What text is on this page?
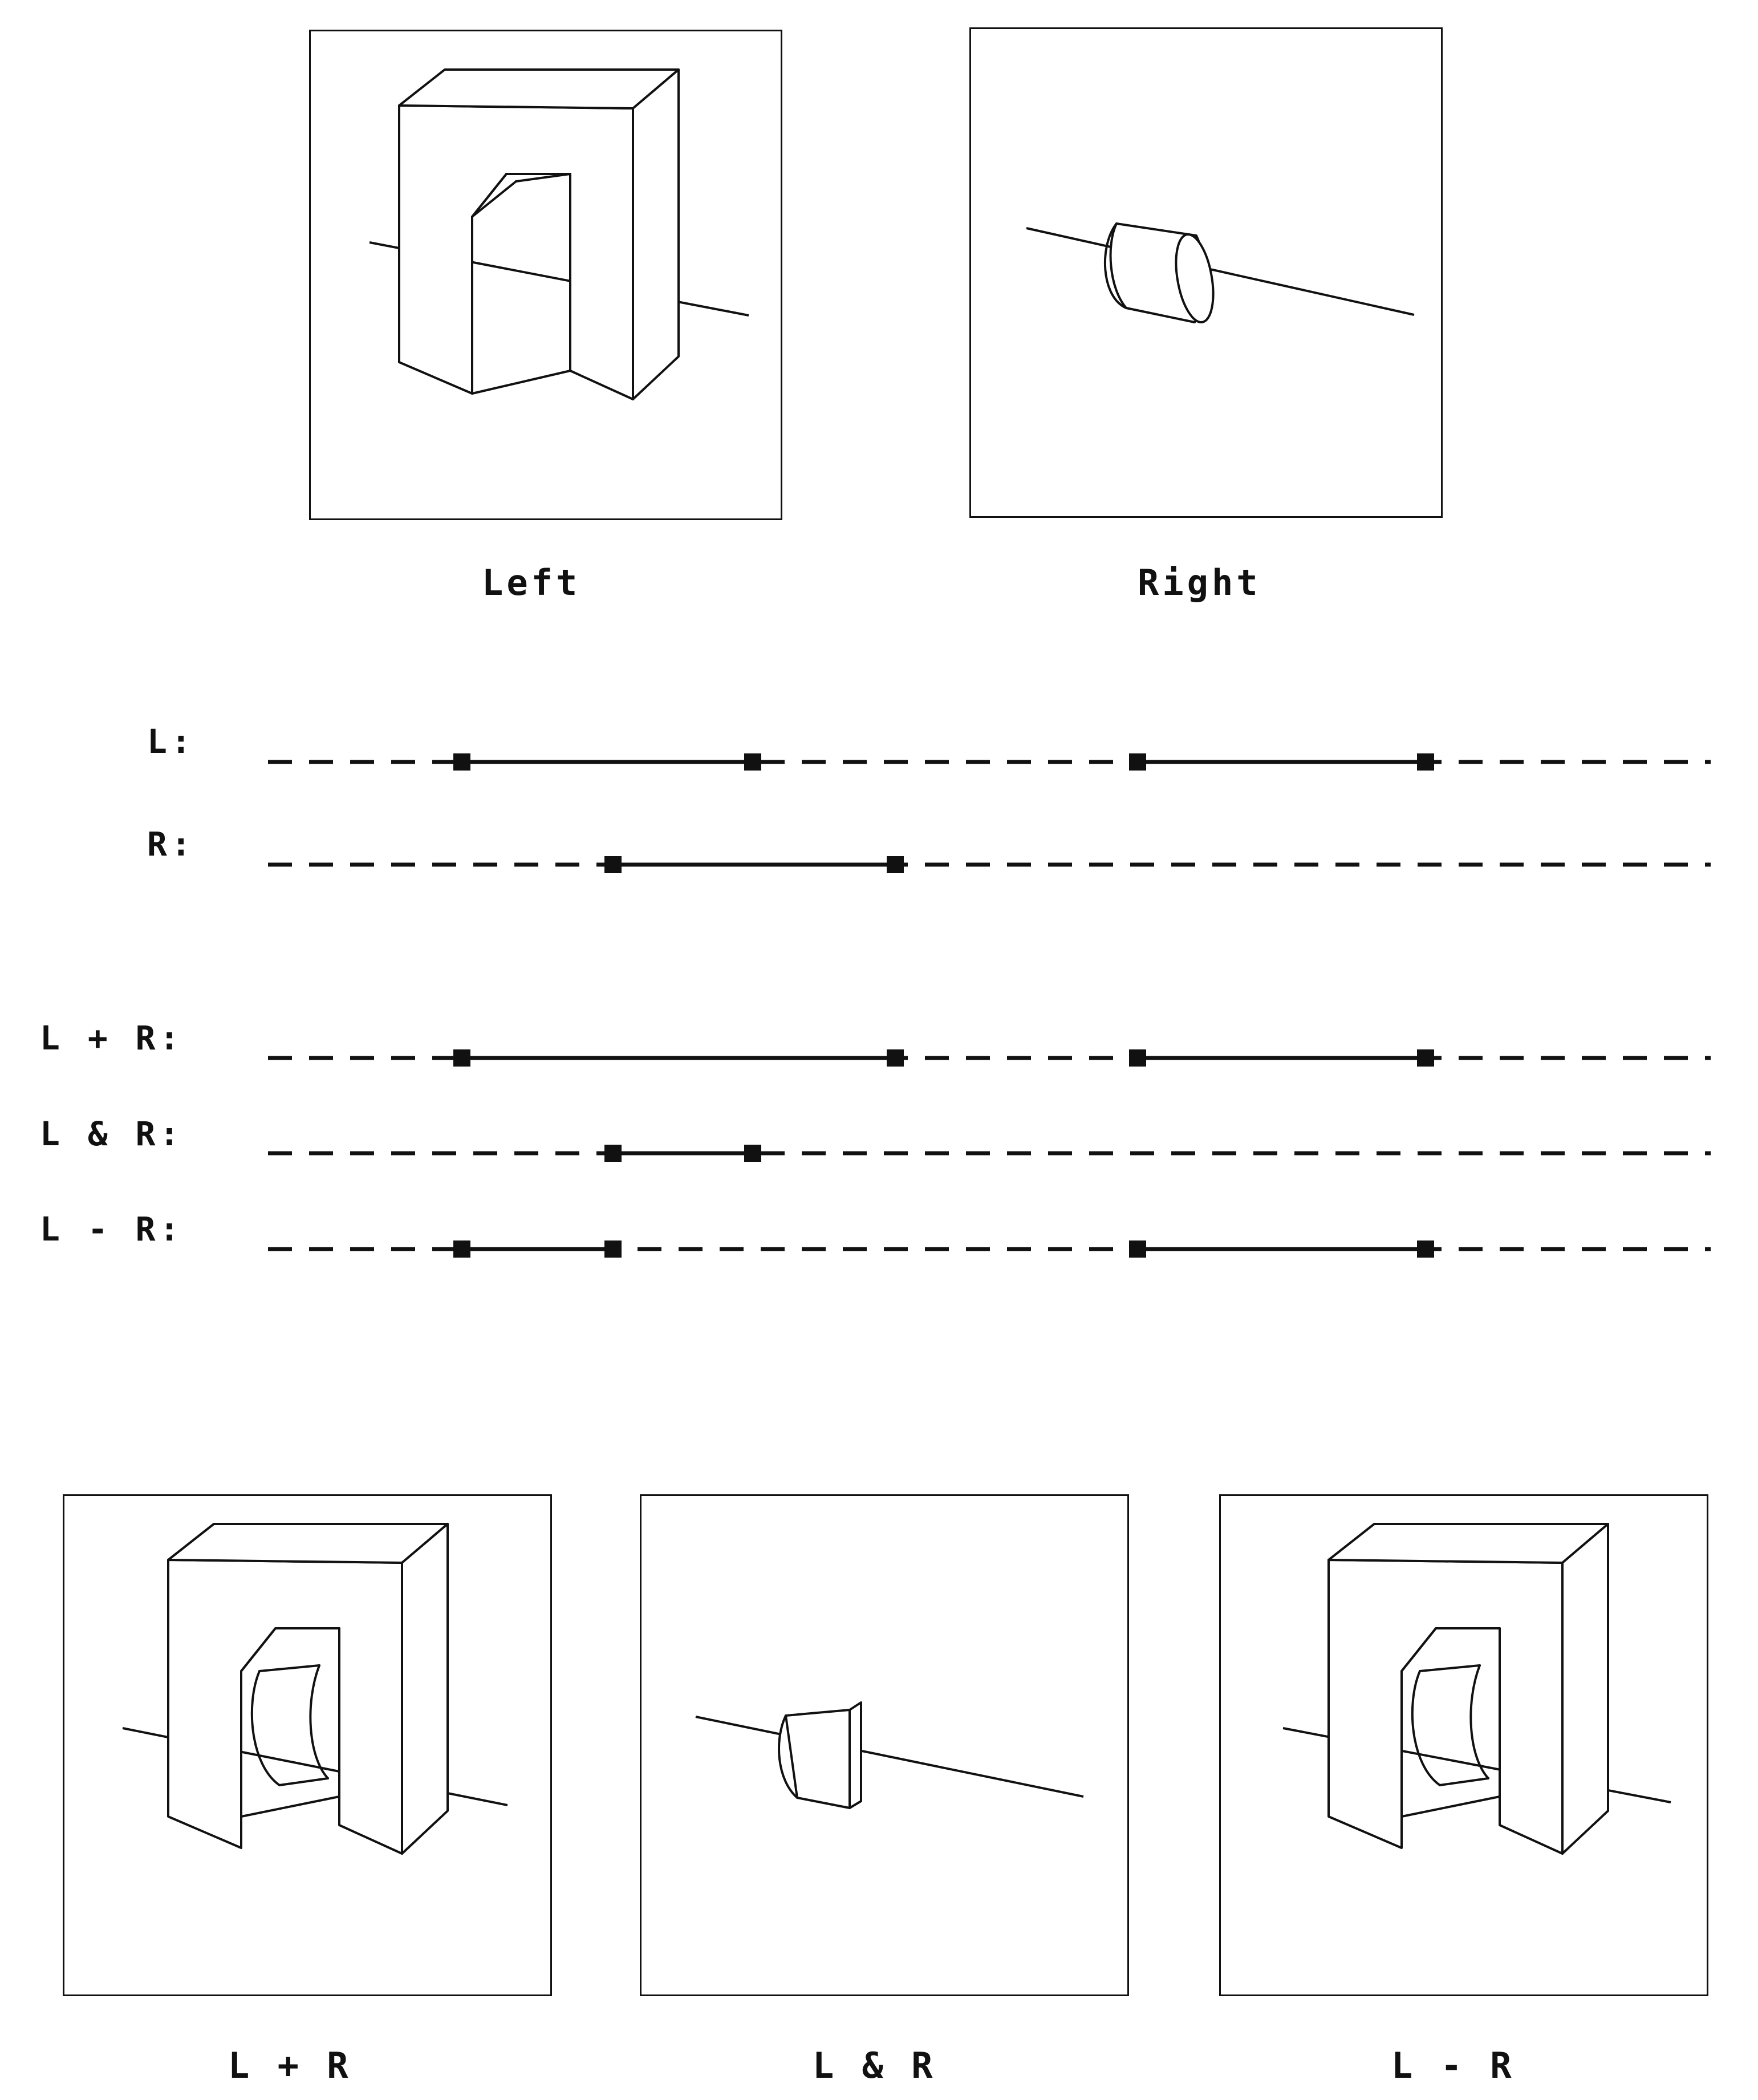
Left	Right
L:
R:
L + R:
L & R:
L - R:
L + R	L & R	L - R
